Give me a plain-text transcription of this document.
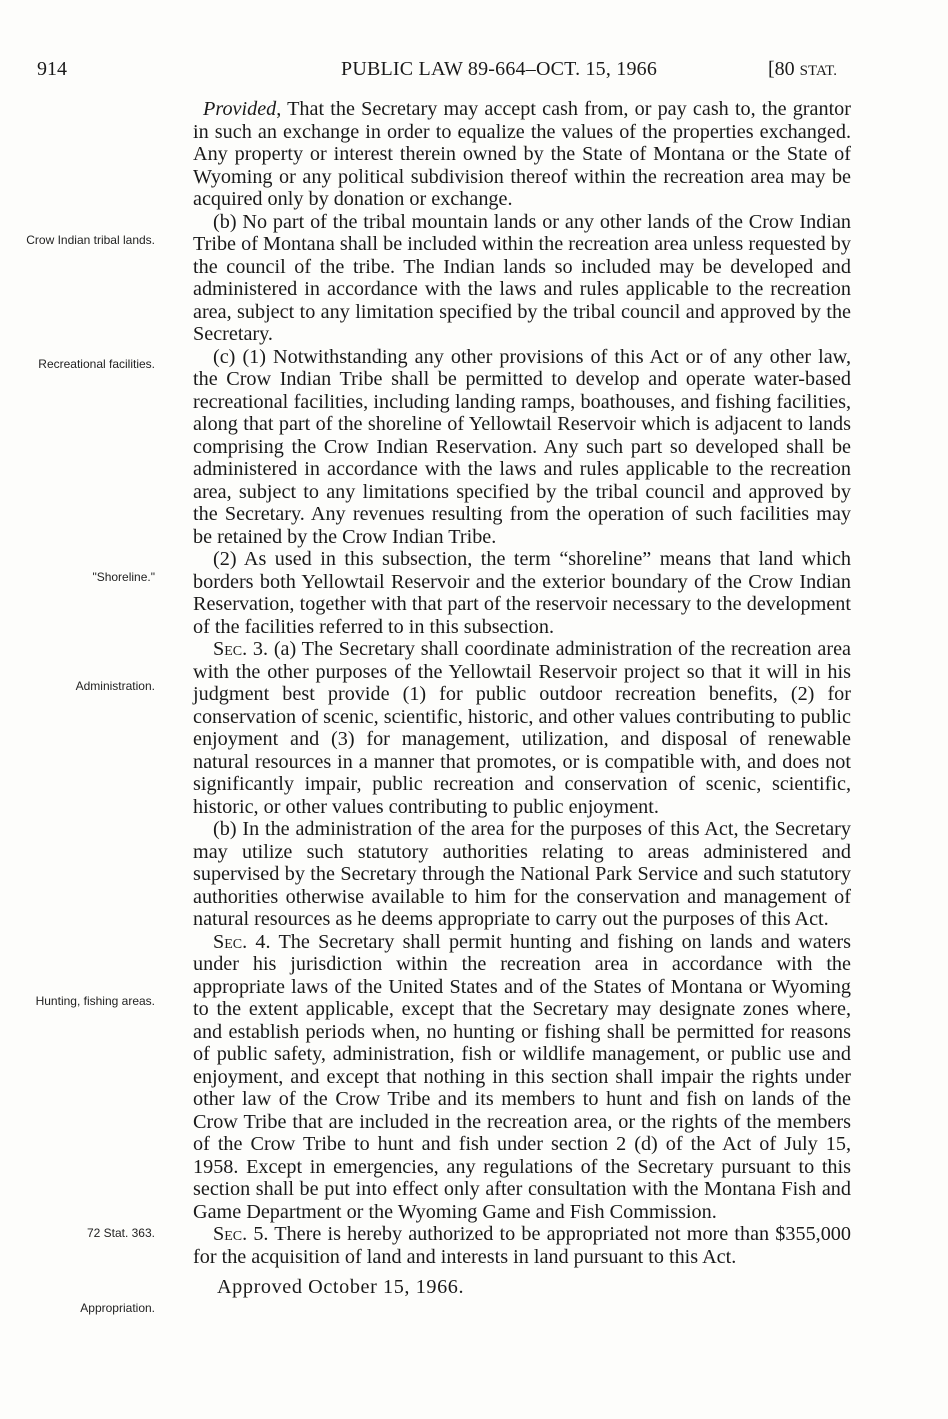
914	PUBLIC LAW 89-664–OCT. 15, 1966	[80 STAT.
Crow Indian tribal lands.
Recreational facilities.
"Shoreline."
Administration.
Hunting, fishing areas.
72 Stat. 363.
Appropriation.

Provided, That the Secretary may accept cash from, or pay cash to, the grantor in such an exchange in order to equalize the values of the properties exchanged. Any property or interest therein owned by the State of Montana or the State of Wyoming or any political subdivision thereof within the recreation area may be acquired only by donation or exchange.

(b) No part of the tribal mountain lands or any other lands of the Crow Indian Tribe of Montana shall be included within the recreation area unless requested by the council of the tribe. The Indian lands so included may be developed and administered in accordance with the laws and rules applicable to the recreation area, subject to any limitation specified by the tribal council and approved by the Secretary.

(c) (1) Notwithstanding any other provisions of this Act or of any other law, the Crow Indian Tribe shall be permitted to develop and operate water-based recreational facilities, including landing ramps, boathouses, and fishing facilities, along that part of the shoreline of Yellowtail Reservoir which is adjacent to lands comprising the Crow Indian Reservation. Any such part so developed shall be administered in accordance with the laws and rules applicable to the recreation area, subject to any limitations specified by the tribal council and approved by the Secretary. Any revenues resulting from the operation of such facilities may be retained by the Crow Indian Tribe.

(2) As used in this subsection, the term “shoreline” means that land which borders both Yellowtail Reservoir and the exterior boundary of the Crow Indian Reservation, together with that part of the reservoir necessary to the development of the facilities referred to in this subsection.

Sec. 3. (a) The Secretary shall coordinate administration of the recreation area with the other purposes of the Yellowtail Reservoir project so that it will in his judgment best provide (1) for public outdoor recreation benefits, (2) for conservation of scenic, scientific, historic, and other values contributing to public enjoyment and (3) for management, utilization, and disposal of renewable natural resources in a manner that promotes, or is compatible with, and does not significantly impair, public recreation and conservation of scenic, scientific, historic, or other values contributing to public enjoyment.

(b) In the administration of the area for the purposes of this Act, the Secretary may utilize such statutory authorities relating to areas administered and supervised by the Secretary through the National Park Service and such statutory authorities otherwise available to him for the conservation and management of natural resources as he deems appropriate to carry out the purposes of this Act.

Sec. 4. The Secretary shall permit hunting and fishing on lands and waters under his jurisdiction within the recreation area in accordance with the appropriate laws of the United States and of the States of Montana or Wyoming to the extent applicable, except that the Secretary may designate zones where, and establish periods when, no hunting or fishing shall be permitted for reasons of public safety, administration, fish or wildlife management, or public use and enjoyment, and except that nothing in this section shall impair the rights under other law of the Crow Tribe and its members to hunt and fish on lands of the Crow Tribe that are included in the recreation area, or the rights of the members of the Crow Tribe to hunt and fish under section 2 (d) of the Act of July 15, 1958. Except in emergencies, any regulations of the Secretary pursuant to this section shall be put into effect only after consultation with the Montana Fish and Game Department or the Wyoming Game and Fish Commission.

Sec. 5. There is hereby authorized to be appropriated not more than $355,000 for the acquisition of land and interests in land pursuant to this Act.

Approved October 15, 1966.
